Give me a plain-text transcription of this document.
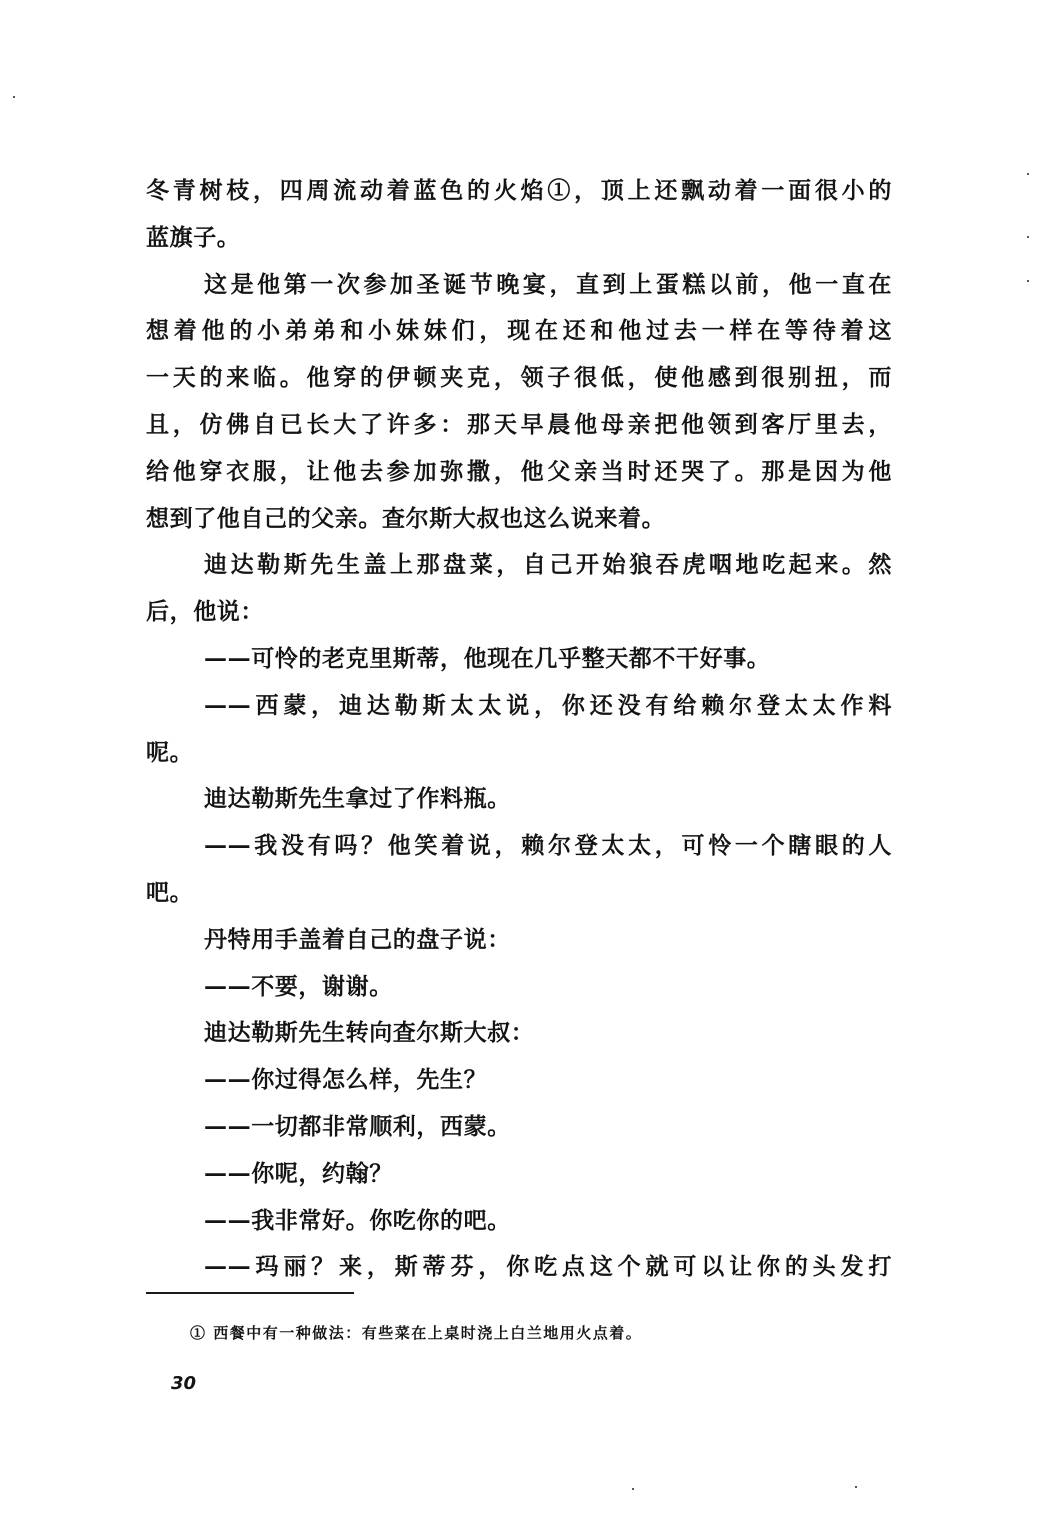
冬青树枝，四周流动着蓝色的火焰①，顶上还飘动着一面很小的
蓝旗子。
这是他第一次参加圣诞节晚宴，直到上蛋糕以前，他一直在
想着他的小弟弟和小妹妹们，现在还和他过去一样在等待着这
一天的来临。他穿的伊顿夹克，领子很低，使他感到很别扭，而
且，仿佛自已长大了许多：那天早晨他母亲把他领到客厅里去，
给他穿衣服，让他去参加弥撒，他父亲当时还哭了。那是因为他
想到了他自己的父亲。查尔斯大叔也这么说来着。
迪达勒斯先生盖上那盘菜，自己开始狼吞虎咽地吃起来。然
后，他说：
——可怜的老克里斯蒂，他现在几乎整天都不干好事。
——西蒙，迪达勒斯太太说，你还没有给赖尔登太太作料
呢。
迪达勒斯先生拿过了作料瓶。
——我没有吗？他笑着说，赖尔登太太，可怜一个瞎眼的人
吧。
丹特用手盖着自己的盘子说：
——不要，谢谢。
迪达勒斯先生转向查尔斯大叔：
——你过得怎么样，先生？
——一切都非常顺利，西蒙。
——你呢，约翰？
——我非常好。你吃你的吧。
——玛丽？来，斯蒂芬，你吃点这个就可以让你的头发打
① 西餐中有一种做法：有些菜在上桌时浇上白兰地用火点着。
30
